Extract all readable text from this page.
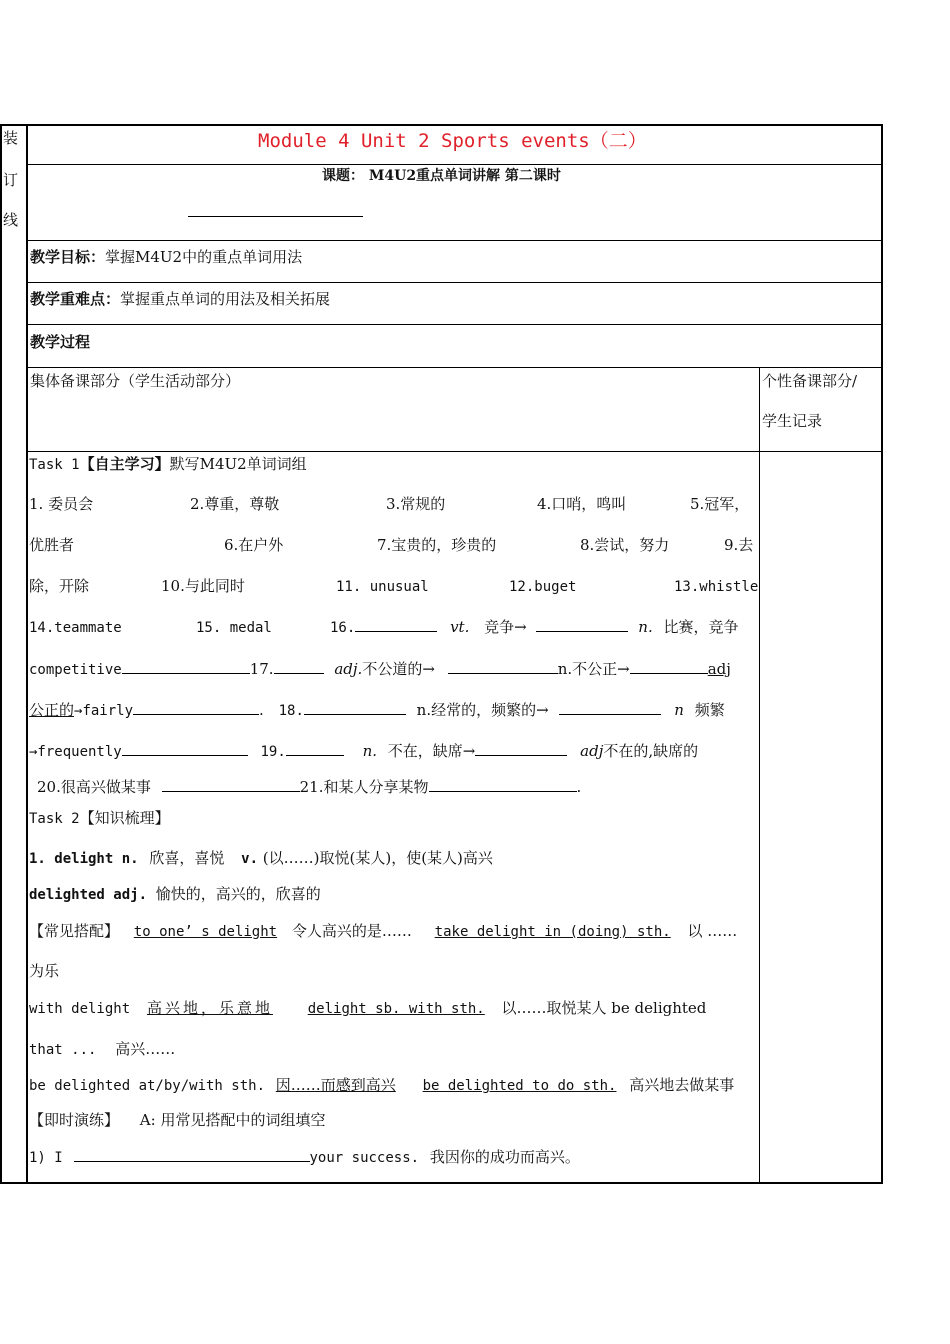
装
订
线
Module 4 Unit 2 Sports events（二）
课题： M4U2重点单词讲解 第二课时
教学目标：掌握M4U2中的重点单词用法
教学重难点：掌握重点单词的用法及相关拓展
教学过程
集体备课部分（学生活动部分）	个性备课部分/
学生记录
Task 1【自主学习】默写M4U2单词词组
1. 委员会	2.尊重，尊敬	3.常规的	4.口哨，鸣叫	5.冠军，
优胜者	6.在户外	7.宝贵的，珍贵的	8.尝试，努力	9.去
除，开除	10.与此同时	11. unusual	12.buget	13.whistle
14.teammate	15. medal	16.	vt. 竞争→	n. 比赛，竞争
competitive	17.	adj.不公道的→	n.不公正→	adj
公正的→fairly	. 18.	n.经常的，频繁的→	n 频繁
→frequently	19.	n. 不在，缺席→	adj不在的,缺席的
20.很高兴做某事	21.和某人分享某物	.
Task 2【知识梳理】
1. delight n. 欣喜，喜悦 v. (以……)取悦(某人)，使(某人)高兴
delighted adj. 愉快的，高兴的，欣喜的
【常见搭配】 to one’ s delight 令人高兴的是…… take delight in (doing) sth. 以 ……
为乐
with delight 高兴地，乐意地 delight sb. with sth. 以……取悦某人 be delighted
that ... 高兴……
be delighted at/by/with sth. 因……而感到高兴 be delighted to do sth. 高兴地去做某事
【即时演练】 A: 用常见搭配中的词组填空
1) I	your success. 我因你的成功而高兴。
